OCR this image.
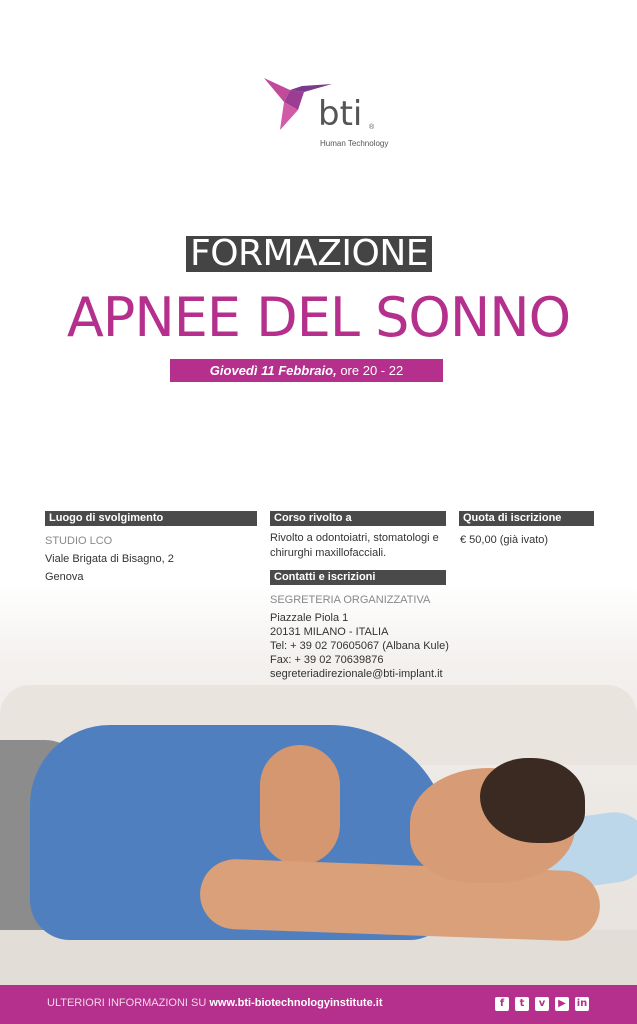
bti ®
Human Technology
FORMAZIONE
APNEE DEL SONNO
Giovedì 11 Febbraio, ore 20 - 22
Luogo di svolgimento
STUDIO LCO
Viale Brigata di Bisagno, 2
Genova
Corso rivolto a
Rivolto a odontoiatri, stomatologi e chirurghi maxillofacciali.
Contatti e iscrizioni
SEGRETERIA ORGANIZZATIVA
Piazzale Piola 1
20131 MILANO - ITALIA
Tel: + 39 02 70605067 (Albana Kule)
Fax: + 39 02 70639876
segreteriadirezionale@bti-implant.it
Quota di iscrizione
€ 50,00 (già ivato)
ULTERIORI INFORMAZIONI SU www.bti-biotechnologyinstitute.it	f	t	v	▶	in
